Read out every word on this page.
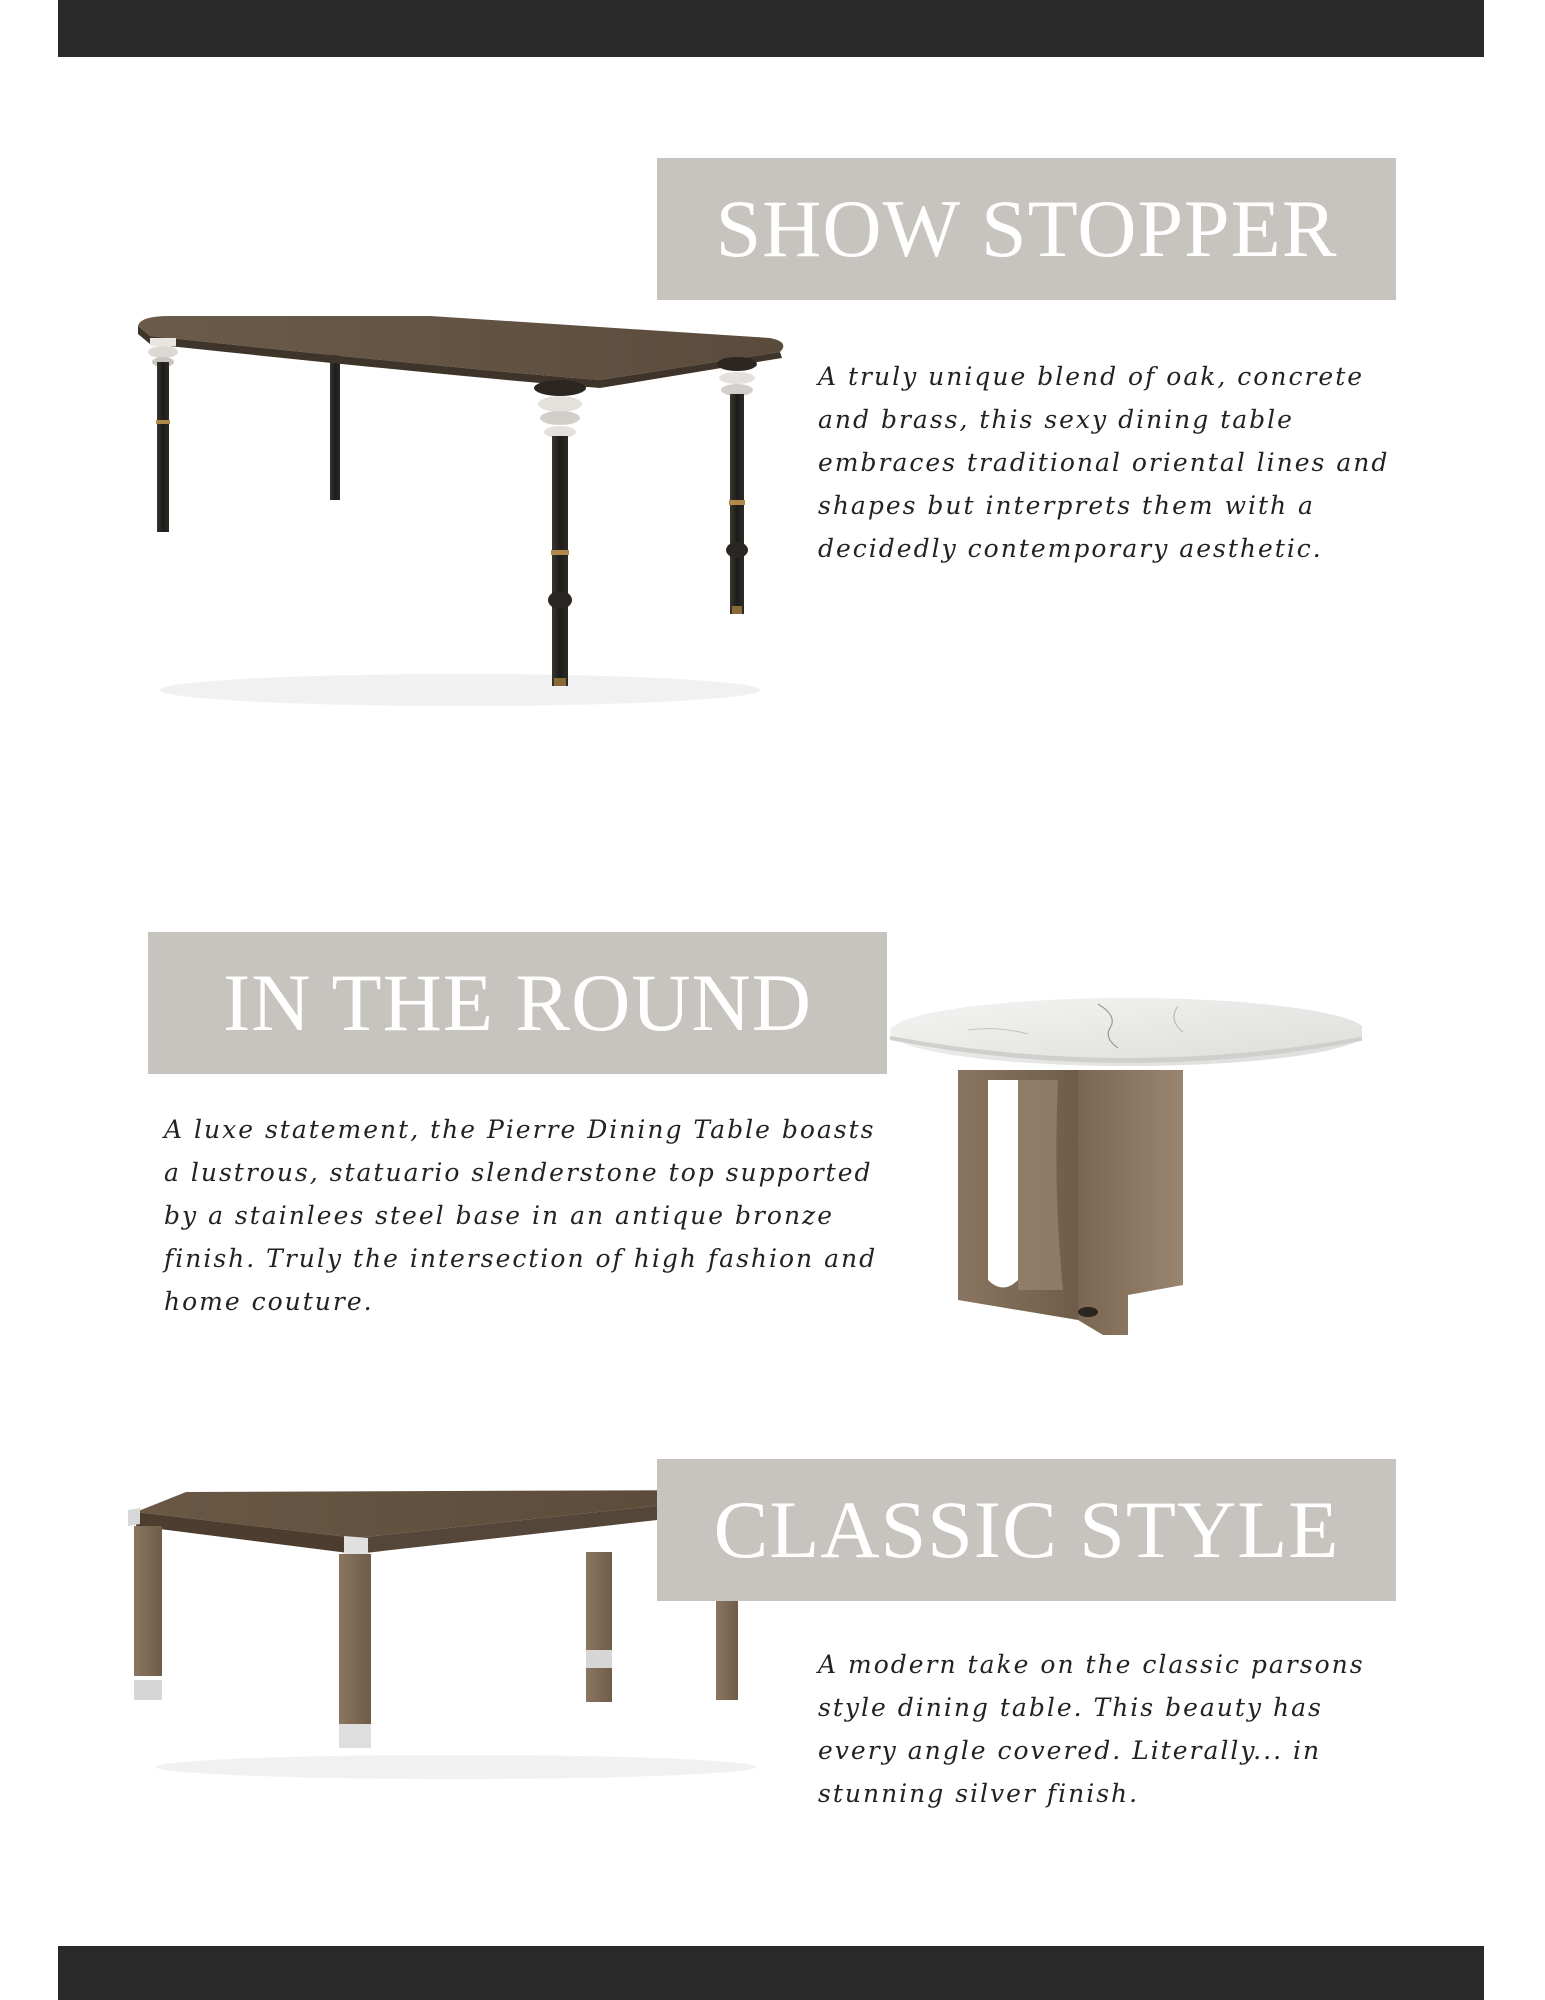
SHOW STOPPER
A truly unique blend of oak, concrete
and brass, this sexy dining table
embraces traditional oriental lines and
shapes but interprets them with a
decidedly contemporary aesthetic.
IN THE ROUND
A luxe statement, the Pierre Dining Table boasts
a lustrous, statuario slenderstone top supported
by a stainlees steel base in an antique bronze
finish. Truly the intersection of high fashion and
home couture.
CLASSIC STYLE
A modern take on the classic parsons
style dining table. This beauty has
every angle covered. Literally... in
stunning silver finish.
